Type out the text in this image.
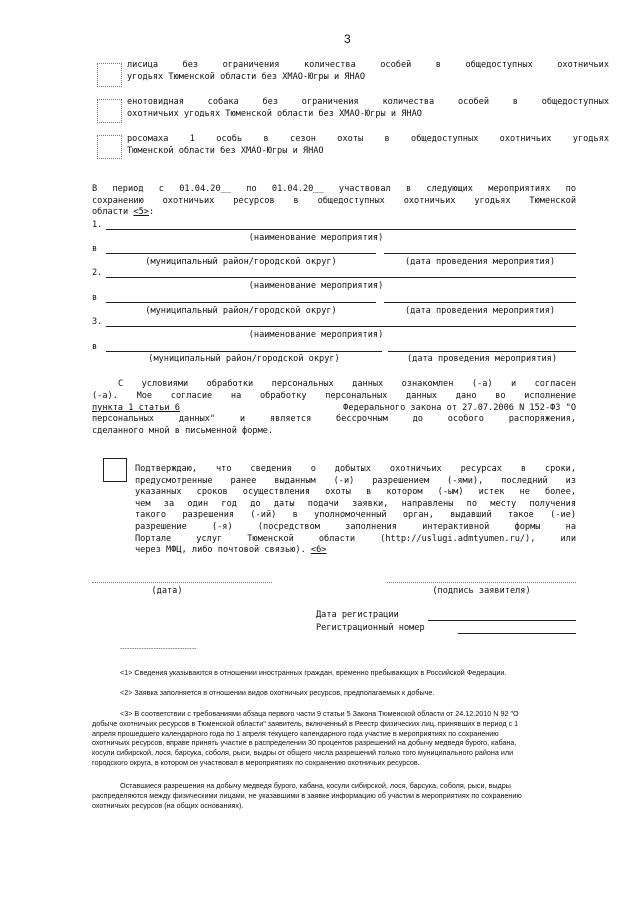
3
лисица без ограничения количества особей в общедоступных охотничьих
угодьях Тюменской области без ХМАО-Югры и ЯНАО
енотовидная собака без ограничения количества особей в общедоступных
охотничьих угодьях Тюменской области без ХМАО-Югры и ЯНАО
росомаха 1 особь в сезон охоты в общедоступных охотничьих угодьях
Тюменской области без ХМАО-Югры и ЯНАО
В период с 01.04.20__ по 01.04.20__ участвовал в следующих мероприятиях по
сохранению охотничьих ресурсов в общедоступных охотничьих угодьях Тюменской
области <5>:
1.
(наименование мероприятия)
в
(муниципальный район/городской округ)	(дата проведения мероприятия)
2.
(наименование мероприятия)
в
(муниципальный район/городской округ)	(дата проведения мероприятия)
3.
(наименование мероприятия)
в
(муниципальный район/городской округ)	(дата проведения мероприятия)
С условиями обработки персональных данных ознакомлен (-а) и согласен
(-а). Мое согласие на обработку персональных данных дано во исполнение
пункта 1 статьи 6	Федерального закона от 27.07.2006 N 152-ФЗ "О
персональных данных" и является бессрочным до особого распоряжения,
сделанного мной в письменной форме.
Подтверждаю, что сведения о добытых охотничьих ресурсах в сроки,
предусмотренные ранее выданным (-и) разрешением (-ями), последний из
указанных сроков осуществления охоты в котором (-ым) истек не более,
чем за один год до даты подачи заявки, направлены по месту получения
такого разрешения (-ий) в уполномоченный орган, выдавший такое (-ие)
разрешение (-я) (посредством заполнения интерактивной формы на
Портале услуг Тюменской области (http://uslugi.admtyumen.ru/), или
через МФЦ, либо почтовой связью). <6>
(дата)	(подпись заявителя)
Дата регистрации
Регистрационный номер
--------------------------------
<1> Сведения указываются в отношении иностранных граждан, временно пребывающих в Российской Федерации.
<2> Заявка заполняется в отношении видов охотничьих ресурсов, предполагаемых к добыче.
<3> В соответствии с требованиями абзаца первого части 9 статьи 5 Закона Тюменской области от 24.12.2010 N 92 "О
добыче охотничьих ресурсов в Тюменской области" заявитель, включенный в Реестр физических лиц, принявших в период с 1
апреля прошедшего календарного года по 1 апреля текущего календарного года участие в мероприятиях по сохранению
охотничьих ресурсов, вправе принять участие в распределении 30 процентов разрешений на добычу медведя бурого, кабана,
косули сибирской, лося, барсука, соболя, рыси, выдры от общего числа разрешений только того муниципального района или
городского округа, в котором он участвовал в мероприятиях по сохранению охотничьих ресурсов.
Оставшиеся разрешения на добычу медведя бурого, кабана, косули сибирской, лося, барсука, соболя, рыси, выдры
распределяются между физическими лицами, не указавшими в заявке информацию об участии в мероприятиях по сохранению
охотничьих ресурсов (на общих основаниях).
